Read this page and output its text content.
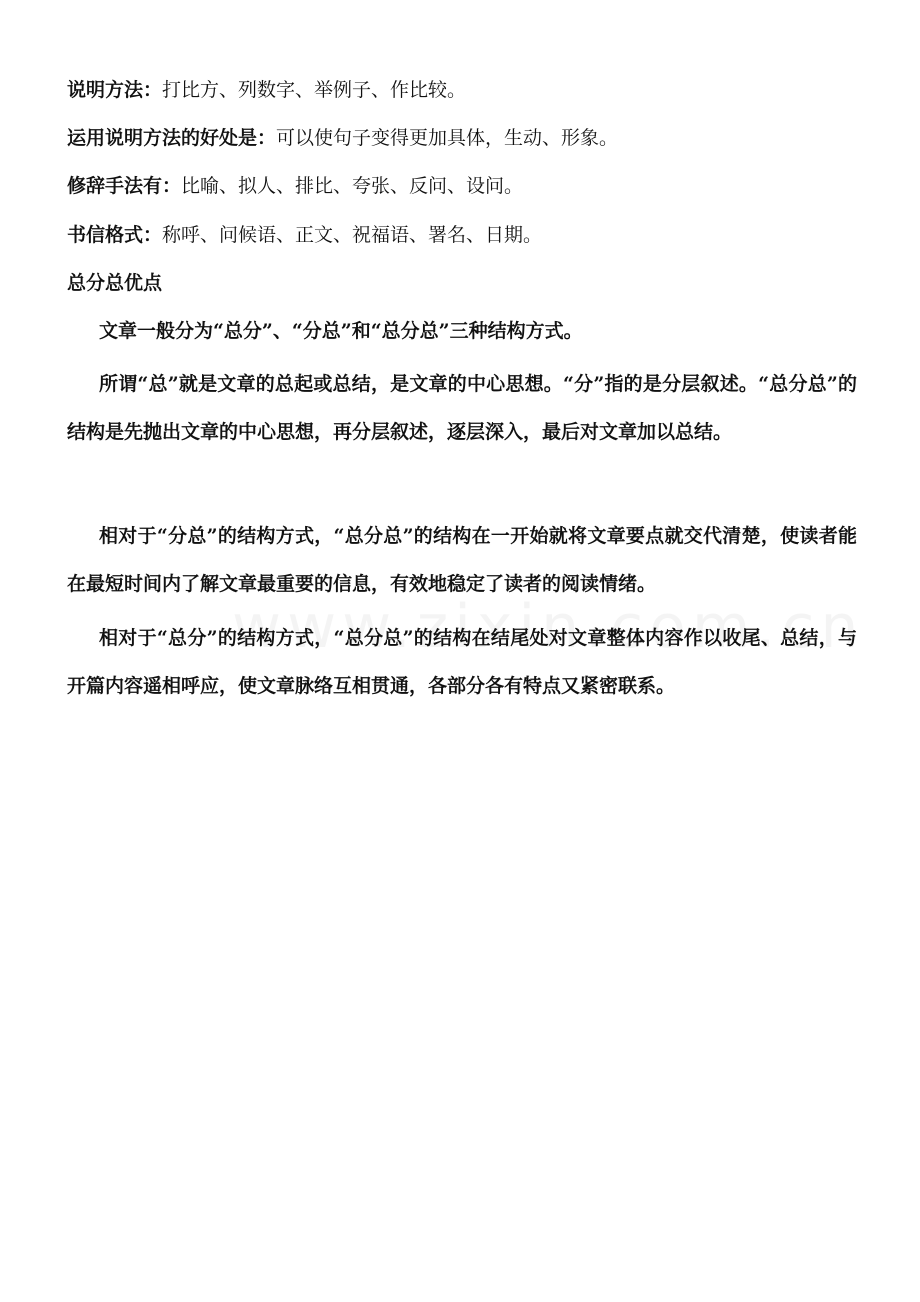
说明方法：打比方、列数字、举例子、作比较。
运用说明方法的好处是：可以使句子变得更加具体，生动、形象。
修辞手法有：比喻、拟人、排比、夸张、反问、设问。
书信格式：称呼、问候语、正文、祝福语、署名、日期。
总分总优点
文章一般分为“总分”、“分总”和“总分总”三种结构方式。
所谓“总”就是文章的总起或总结，是文章的中心思想。“分”指的是分层叙述。“总分总”的结构是先抛出文章的中心思想，再分层叙述，逐层深入，最后对文章加以总结。
相对于“分总”的结构方式，“总分总”的结构在一开始就将文章要点就交代清楚，使读者能在最短时间内了解文章最重要的信息，有效地稳定了读者的阅读情绪。
相对于“总分”的结构方式，“总分总”的结构在结尾处对文章整体内容作以收尾、总结，与开篇内容遥相呼应，使文章脉络互相贯通，各部分各有特点又紧密联系。
